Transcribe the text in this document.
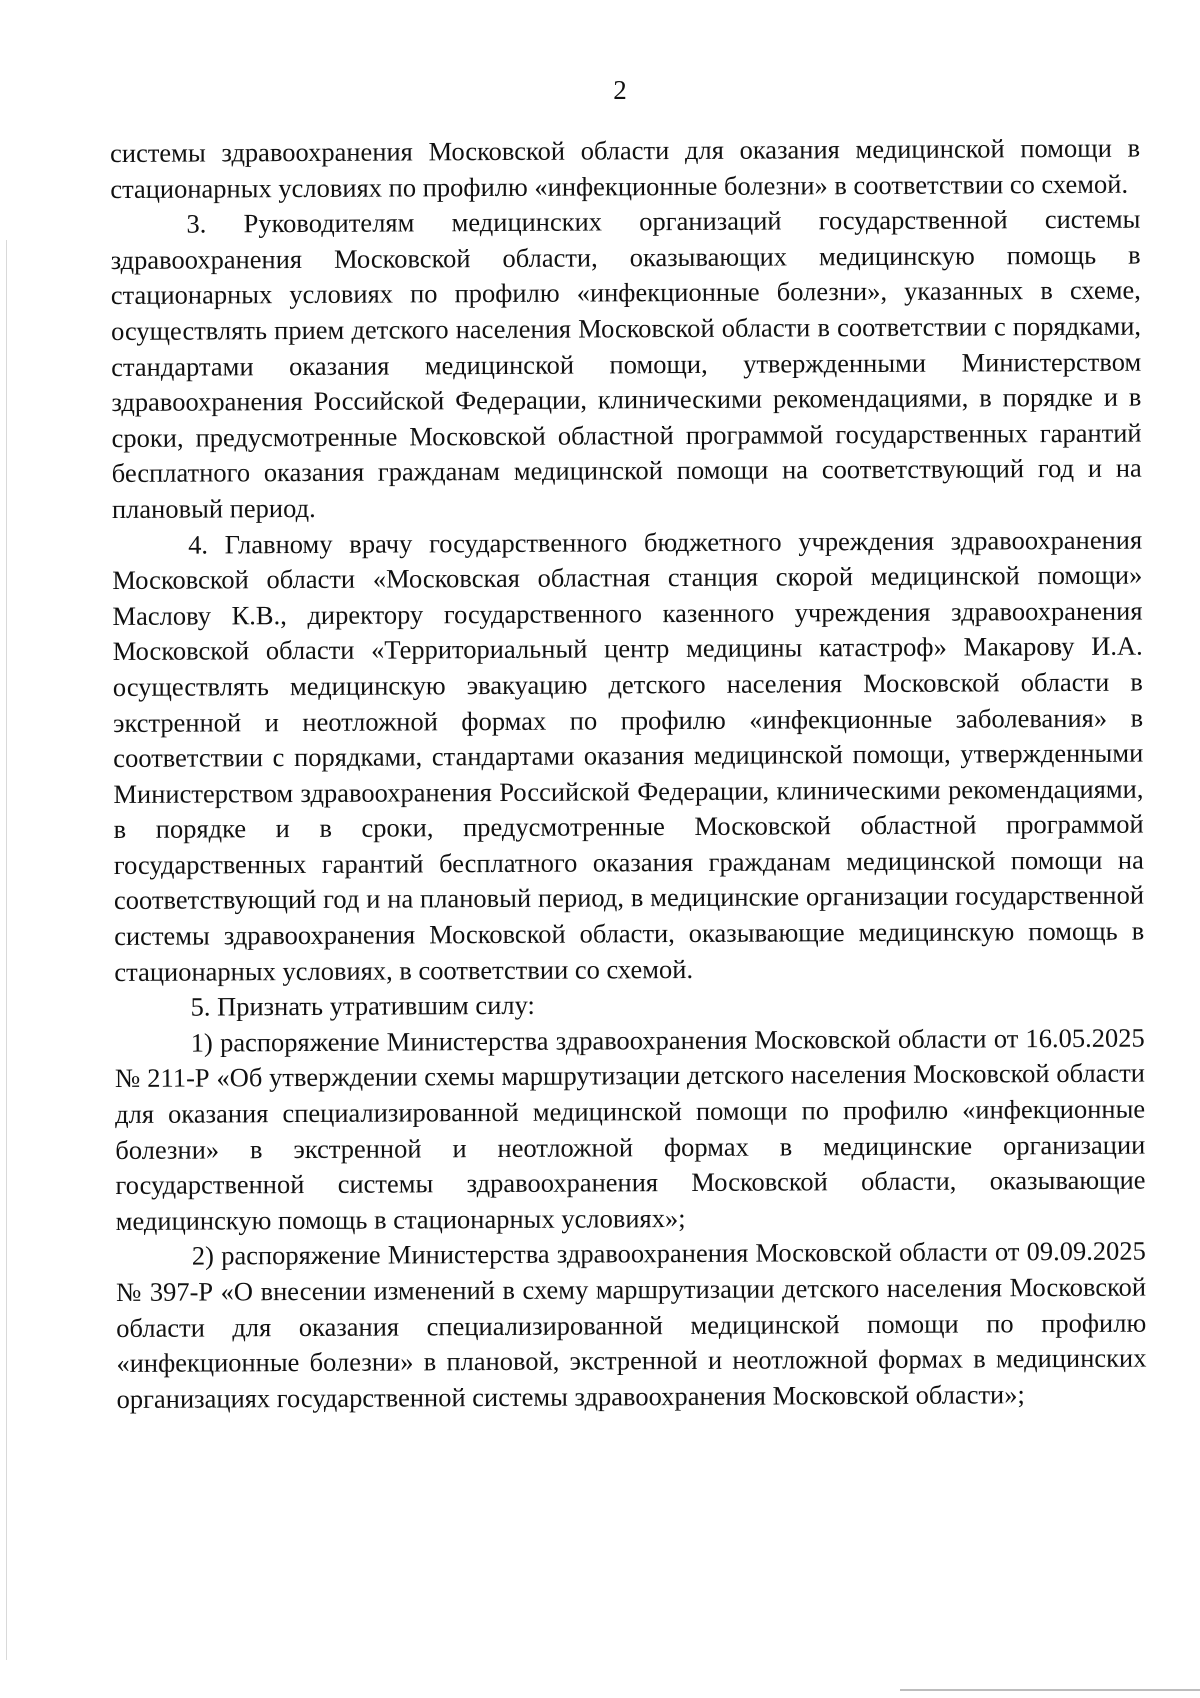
2

системы здравоохранения Московской области для оказания медицинской помощи в стационарных условиях по профилю «инфекционные болезни» в соответствии со схемой.

3. Руководителям медицинских организаций государственной системы здравоохранения Московской области, оказывающих медицинскую помощь в стационарных условиях по профилю «инфекционные болезни», указанных в схеме, осуществлять прием детского населения Московской области в соответствии с порядками, стандартами оказания медицинской помощи, утвержденными Министерством здравоохранения Российской Федерации, клиническими рекомендациями, в порядке и в сроки, предусмотренные Московской областной программой государственных гарантий бесплатного оказания гражданам медицинской помощи на соответствующий год и на плановый период.

4. Главному врачу государственного бюджетного учреждения здравоохранения Московской области «Московская областная станция скорой медицинской помощи» Маслову К.В., директору государственного казенного учреждения здравоохранения Московской области «Территориальный центр медицины катастроф» Макарову И.А. осуществлять медицинскую эвакуацию детского населения Московской области в экстренной и неотложной формах по профилю «инфекционные заболевания» в соответствии с порядками, стандартами оказания медицинской помощи, утвержденными Министерством здравоохранения Российской Федерации, клиническими рекомендациями, в порядке и в сроки, предусмотренные Московской областной программой государственных гарантий бесплатного оказания гражданам медицинской помощи на соответствующий год и на плановый период, в медицинские организации государственной системы здравоохранения Московской области, оказывающие медицинскую помощь в стационарных условиях, в соответствии со схемой.

5. Признать утратившим силу:

1) распоряжение Министерства здравоохранения Московской области от 16.05.2025 № 211-Р «Об утверждении схемы маршрутизации детского населения Московской области для оказания специализированной медицинской помощи по профилю «инфекционные болезни» в экстренной и неотложной формах в медицинские организации государственной системы здравоохранения Московской области, оказывающие медицинскую помощь в стационарных условиях»;

2) распоряжение Министерства здравоохранения Московской области от 09.09.2025 № 397-Р «О внесении изменений в схему маршрутизации детского населения Московской области для оказания специализированной медицинской помощи по профилю «инфекционные болезни» в плановой, экстренной и неотложной формах в медицинских организациях государственной системы здравоохранения Московской области»;
